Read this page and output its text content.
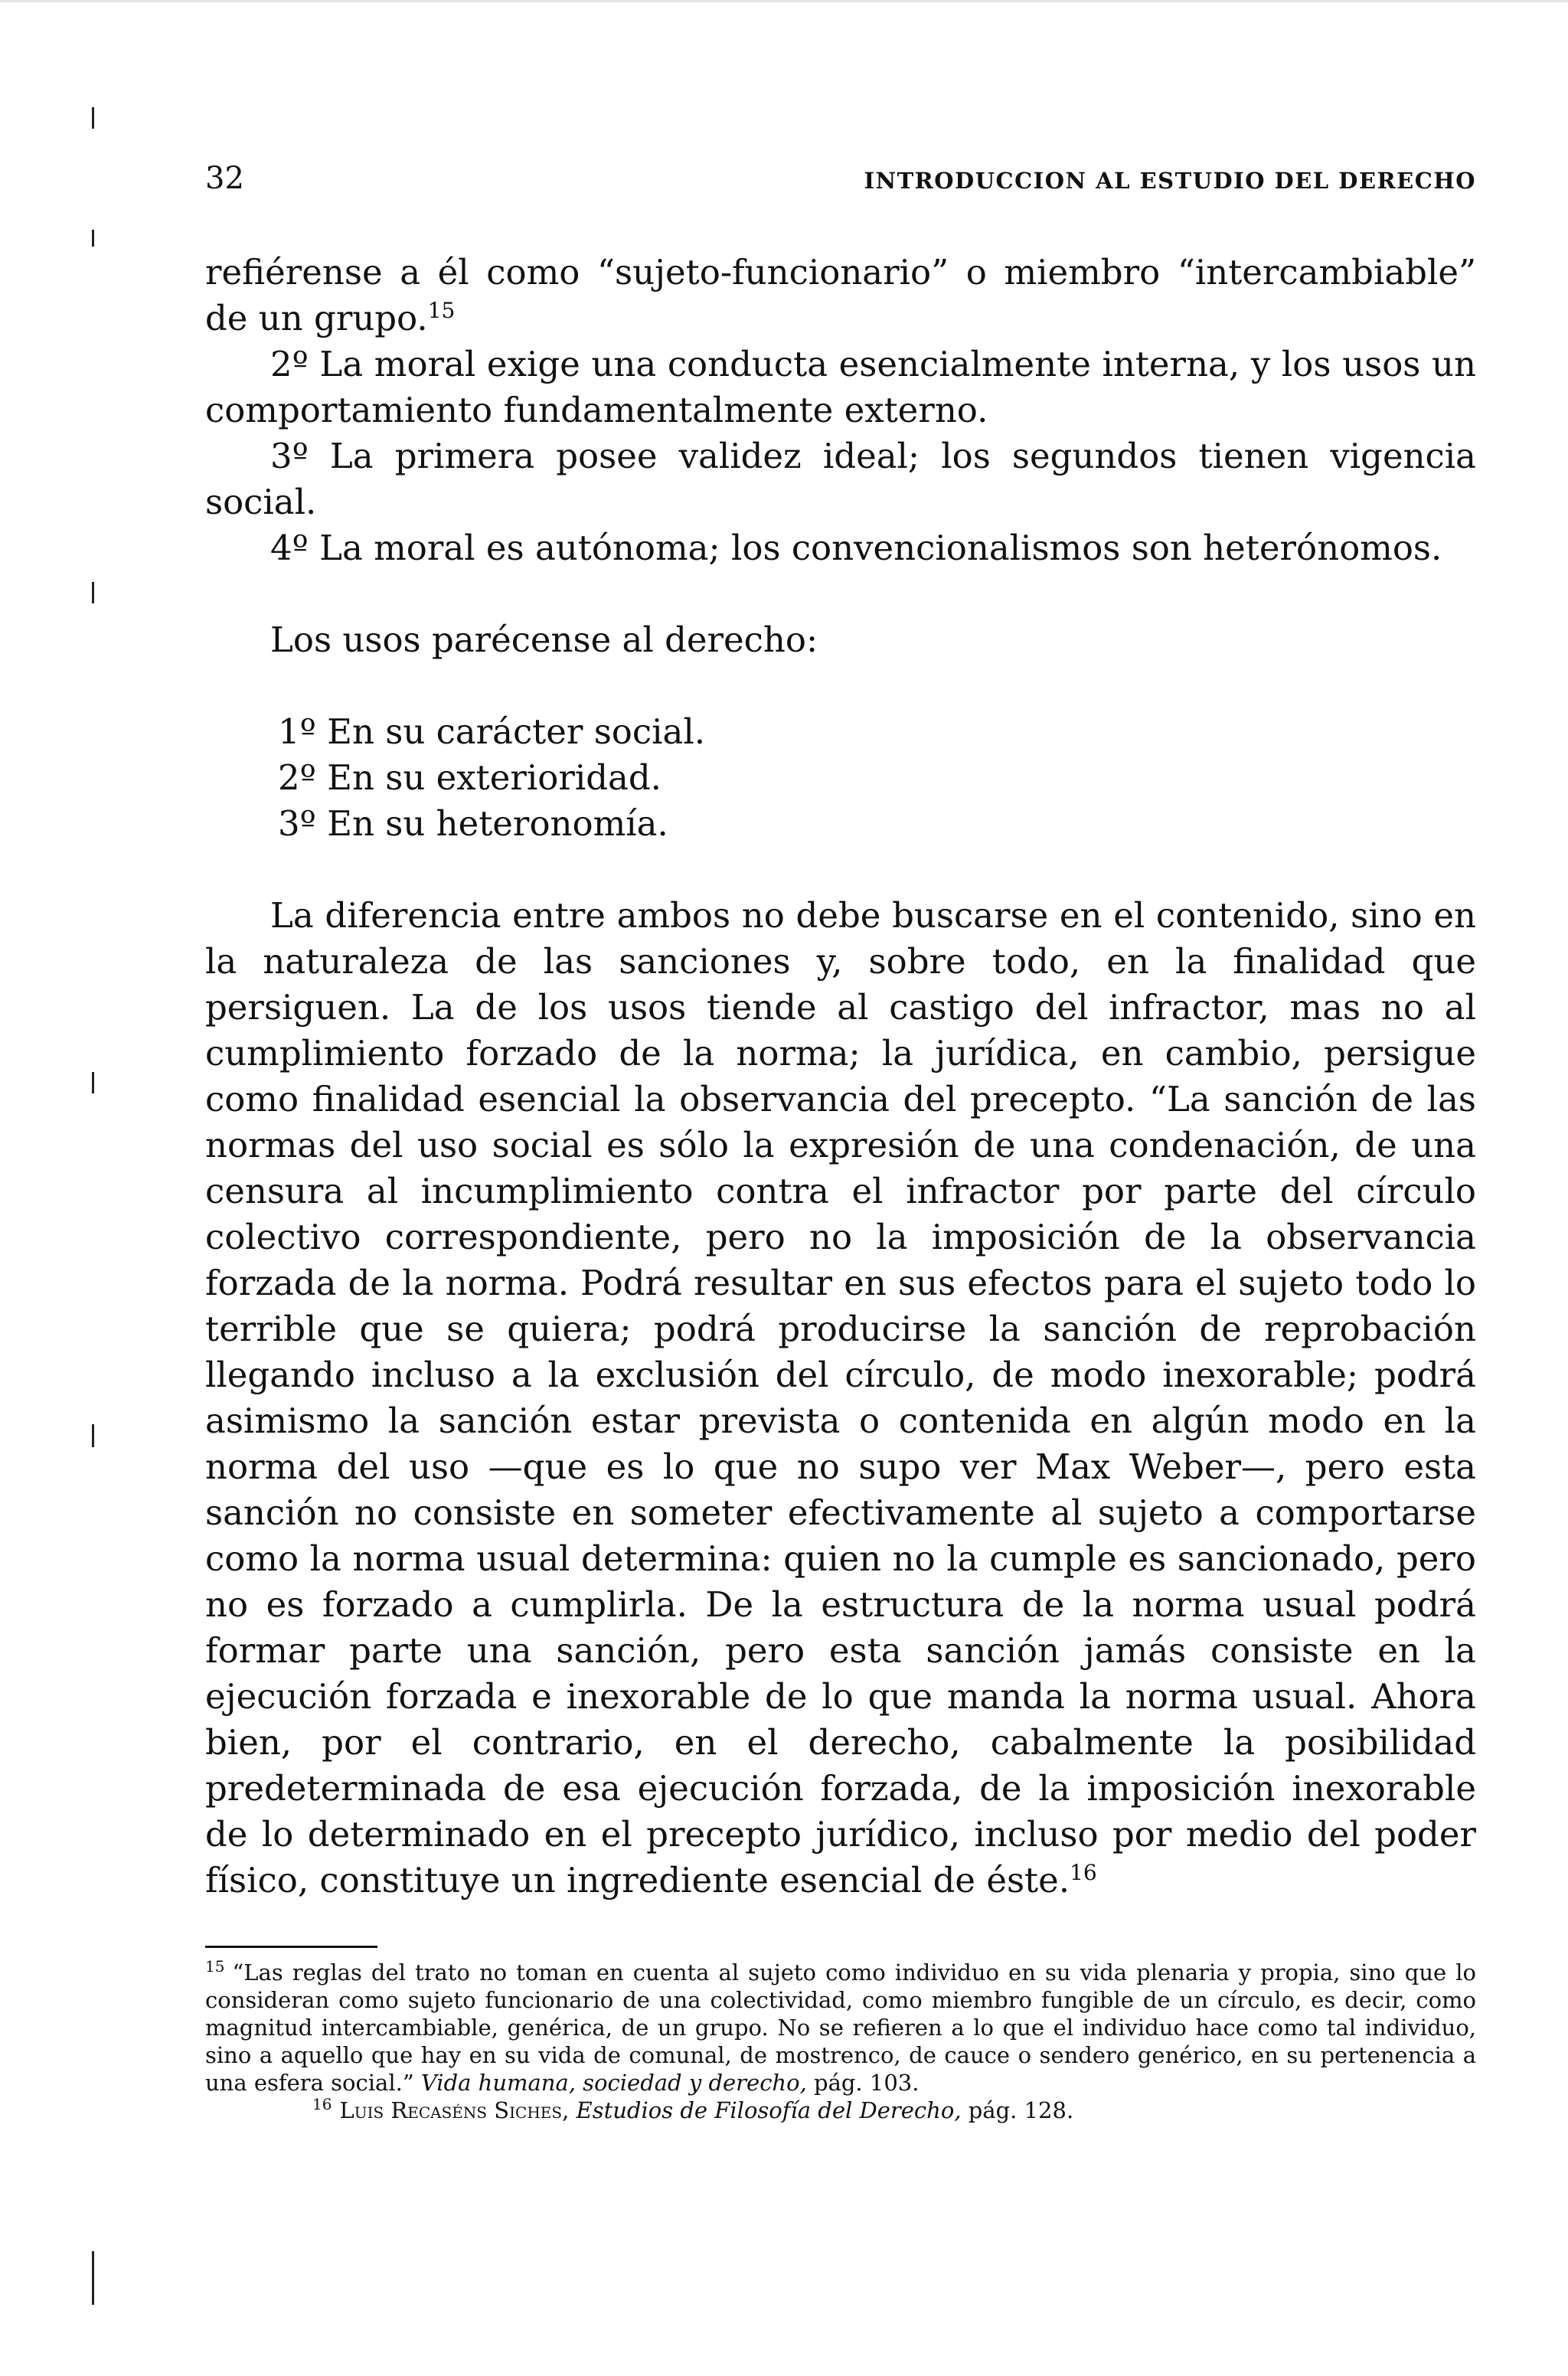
32	INTRODUCCION AL ESTUDIO DEL DERECHO

refiérense a él como “sujeto-funcionario” o miembro “intercambiable” de un grupo.$^{15}$

2º La moral exige una conducta esencialmente interna, y los usos un comportamiento fundamentalmente externo.

3º La primera posee validez ideal; los segundos tienen vigencia social.

4º La moral es autónoma; los convencionalismos son heterónomos.

Los usos parécense al derecho:

1º En su carácter social.

2º En su exterioridad.

3º En su heteronomía.

La diferencia entre ambos no debe buscarse en el contenido, sino en la naturaleza de las sanciones y, sobre todo, en la finalidad que persiguen. La de los usos tiende al castigo del infractor, mas no al cumplimiento forzado de la norma; la jurídica, en cambio, persigue como finalidad esencial la observancia del precepto. “La sanción de las normas del uso social es sólo la expresión de una condenación, de una censura al incumplimiento contra el infractor por parte del círculo colectivo correspondiente, pero no la imposición de la observancia forzada de la norma. Podrá resultar en sus efectos para el sujeto todo lo terrible que se quiera; podrá producirse la sanción de reprobación llegando incluso a la exclusión del círculo, de modo inexorable; podrá asimismo la sanción estar prevista o contenida en algún modo en la norma del uso —que es lo que no supo ver Max Weber—, pero esta sanción no consiste en someter efectivamente al sujeto a comportarse como la norma usual determina: quien no la cumple es sancionado, pero no es forzado a cumplirla. De la estructura de la norma usual podrá formar parte una sanción, pero esta sanción jamás consiste en la ejecución forzada e inexorable de lo que manda la norma usual. Ahora bien, por el contrario, en el derecho, cabalmente la posibilidad predeterminada de esa ejecución forzada, de la imposición inexorable de lo determinado en el precepto jurídico, incluso por medio del poder físico, constituye un ingrediente esencial de éste.$^{16}$

$^{15}$ “Las reglas del trato no toman en cuenta al sujeto como individuo en su vida plenaria y propia, sino que lo consideran como sujeto funcionario de una colectividad, como miembro fungible de un círculo, es decir, como magnitud intercambiable, genérica, de un grupo. No se refieren a lo que el individuo hace como tal individuo, sino a aquello que hay en su vida de comunal, de mostrenco, de cauce o sendero genérico, en su pertenencia a una esfera social.” Vida humana, sociedad y derecho, pág. 103.

$^{16}$ Luis Recaséns Siches, Estudios de Filosofía del Derecho, pág. 128.
